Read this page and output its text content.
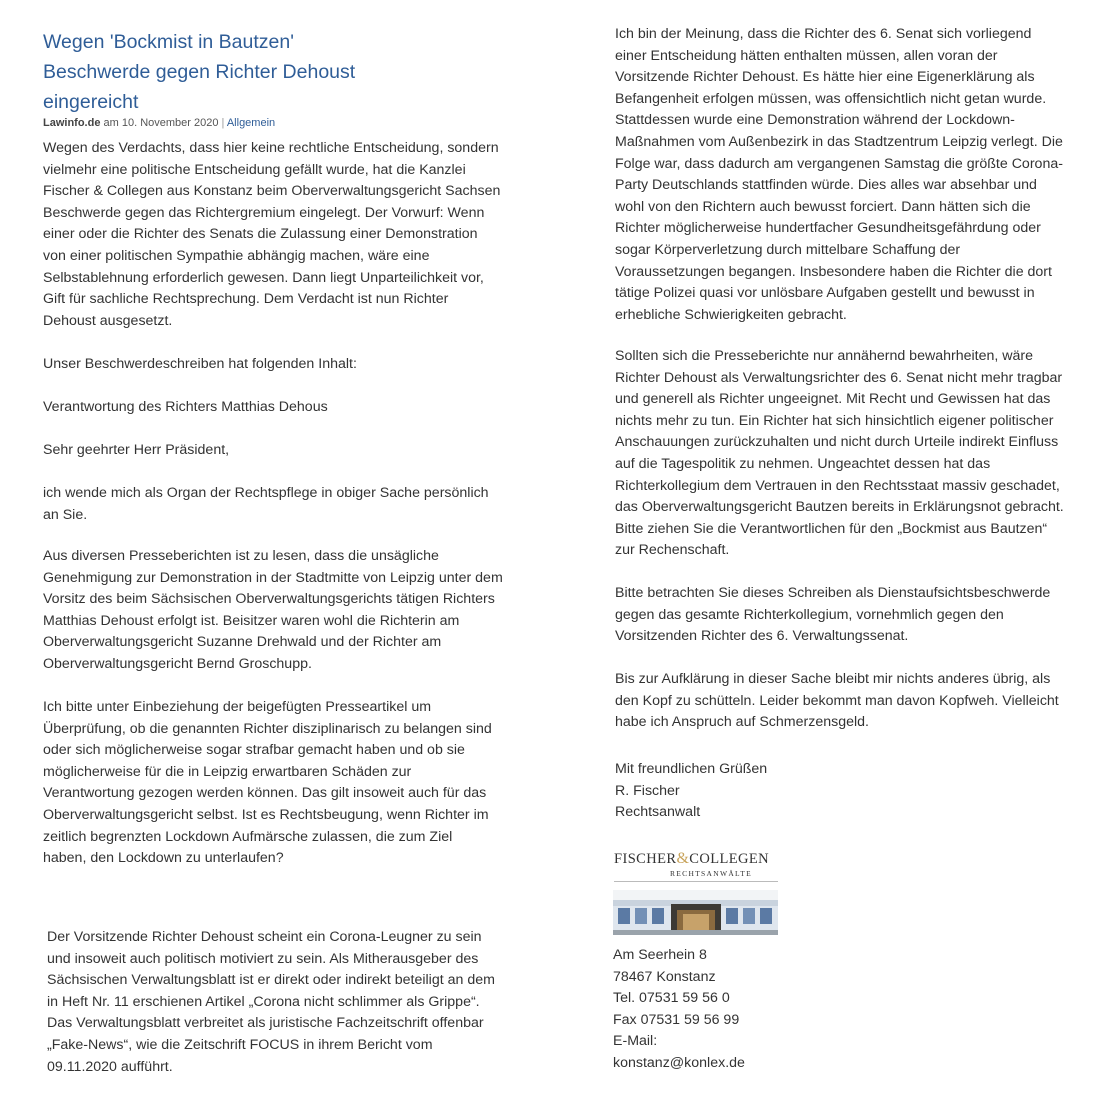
Wegen 'Bockmist in Bautzen'
Beschwerde gegen Richter Dehoust
eingereicht
Lawinfo.de am 10. November 2020 | Allgemein

Wegen des Verdachts, dass hier keine rechtliche Entscheidung, sondern vielmehr eine politische Entscheidung gefällt wurde, hat die Kanzlei Fischer & Collegen aus Konstanz beim Oberverwaltungsgericht Sachsen Beschwerde gegen das Richtergremium eingelegt. Der Vorwurf: Wenn einer oder die Richter des Senats die Zulassung einer Demonstration von einer politischen Sympathie abhängig machen, wäre eine Selbstablehnung erforderlich gewesen. Dann liegt Unparteilichkeit vor, Gift für sachliche Rechtsprechung. Dem Verdacht ist nun Richter Dehoust ausgesetzt.

Unser Beschwerdeschreiben hat folgenden Inhalt:

Verantwortung des Richters Matthias Dehous

Sehr geehrter Herr Präsident,

ich wende mich als Organ der Rechtspflege in obiger Sache persönlich an Sie.

Aus diversen Presseberichten ist zu lesen, dass die unsägliche Genehmigung zur Demonstration in der Stadtmitte von Leipzig unter dem Vorsitz des beim Sächsischen Oberverwaltungsgerichts tätigen Richters Matthias Dehoust erfolgt ist. Beisitzer waren wohl die Richterin am Oberverwaltungsgericht Suzanne Drehwald und der Richter am Oberverwaltungsgericht Bernd Groschupp.

Ich bitte unter Einbeziehung der beigefügten Presseartikel um Überprüfung, ob die genannten Richter disziplinarisch zu belangen sind oder sich möglicherweise sogar strafbar gemacht haben und ob sie möglicherweise für die in Leipzig erwartbaren Schäden zur Verantwortung gezogen werden können. Das gilt insoweit auch für das Oberverwaltungsgericht selbst. Ist es Rechtsbeugung, wenn Richter im zeitlich begrenzten Lockdown Aufmärsche zulassen, die zum Ziel haben, den Lockdown zu unterlaufen?

Der Vorsitzende Richter Dehoust scheint ein Corona-Leugner zu sein und insoweit auch politisch motiviert zu sein. Als Mitherausgeber des Sächsischen Verwaltungsblatt ist er direkt oder indirekt beteiligt an dem in Heft Nr. 11 erschienen Artikel „Corona nicht schlimmer als Grippe“. Das Verwaltungsblatt verbreitet als juristische Fachzeitschrift offenbar „Fake-News“, wie die Zeitschrift FOCUS in ihrem Bericht vom 09.11.2020 aufführt.

Ich bin der Meinung, dass die Richter des 6. Senat sich vorliegend einer Entscheidung hätten enthalten müssen, allen voran der Vorsitzende Richter Dehoust. Es hätte hier eine Eigenerklärung als Befangenheit erfolgen müssen, was offensichtlich nicht getan wurde. Stattdessen wurde eine Demonstration während der Lockdown-Maßnahmen vom Außenbezirk in das Stadtzentrum Leipzig verlegt. Die Folge war, dass dadurch am vergangenen Samstag die größte Corona-Party Deutschlands stattfinden würde. Dies alles war absehbar und wohl von den Richtern auch bewusst forciert. Dann hätten sich die Richter möglicherweise hundertfacher Gesundheitsgefährdung oder sogar Körperverletzung durch mittelbare Schaffung der Voraussetzungen begangen. Insbesondere haben die Richter die dort tätige Polizei quasi vor unlösbare Aufgaben gestellt und bewusst in erhebliche Schwierigkeiten gebracht.

Sollten sich die Presseberichte nur annähernd bewahrheiten, wäre Richter Dehoust als Verwaltungsrichter des 6. Senat nicht mehr tragbar und generell als Richter ungeeignet. Mit Recht und Gewissen hat das nichts mehr zu tun. Ein Richter hat sich hinsichtlich eigener politischer Anschauungen zurückzuhalten und nicht durch Urteile indirekt Einfluss auf die Tagespolitik zu nehmen. Ungeachtet dessen hat das Richterkollegium dem Vertrauen in den Rechtsstaat massiv geschadet, das Oberverwaltungsgericht Bautzen bereits in Erklärungsnot gebracht. Bitte ziehen Sie die Verantwortlichen für den „Bockmist aus Bautzen“ zur Rechenschaft.

Bitte betrachten Sie dieses Schreiben als Dienstaufsichtsbeschwerde gegen das gesamte Richterkollegium, vornehmlich gegen den Vorsitzenden Richter des 6. Verwaltungssenat.

Bis zur Aufklärung in dieser Sache bleibt mir nichts anderes übrig, als den Kopf zu schütteln. Leider bekommt man davon Kopfweh. Vielleicht habe ich Anspruch auf Schmerzensgeld.

Mit freundlichen Grüßen
R. Fischer
Rechtsanwalt

FISCHER&COLLEGEN
RECHTSANWÄLTE
Am Seerhein 8
78467 Konstanz
Tel. 07531 59 56 0
Fax 07531 59 56 99
E-Mail:
konstanz@konlex.de
